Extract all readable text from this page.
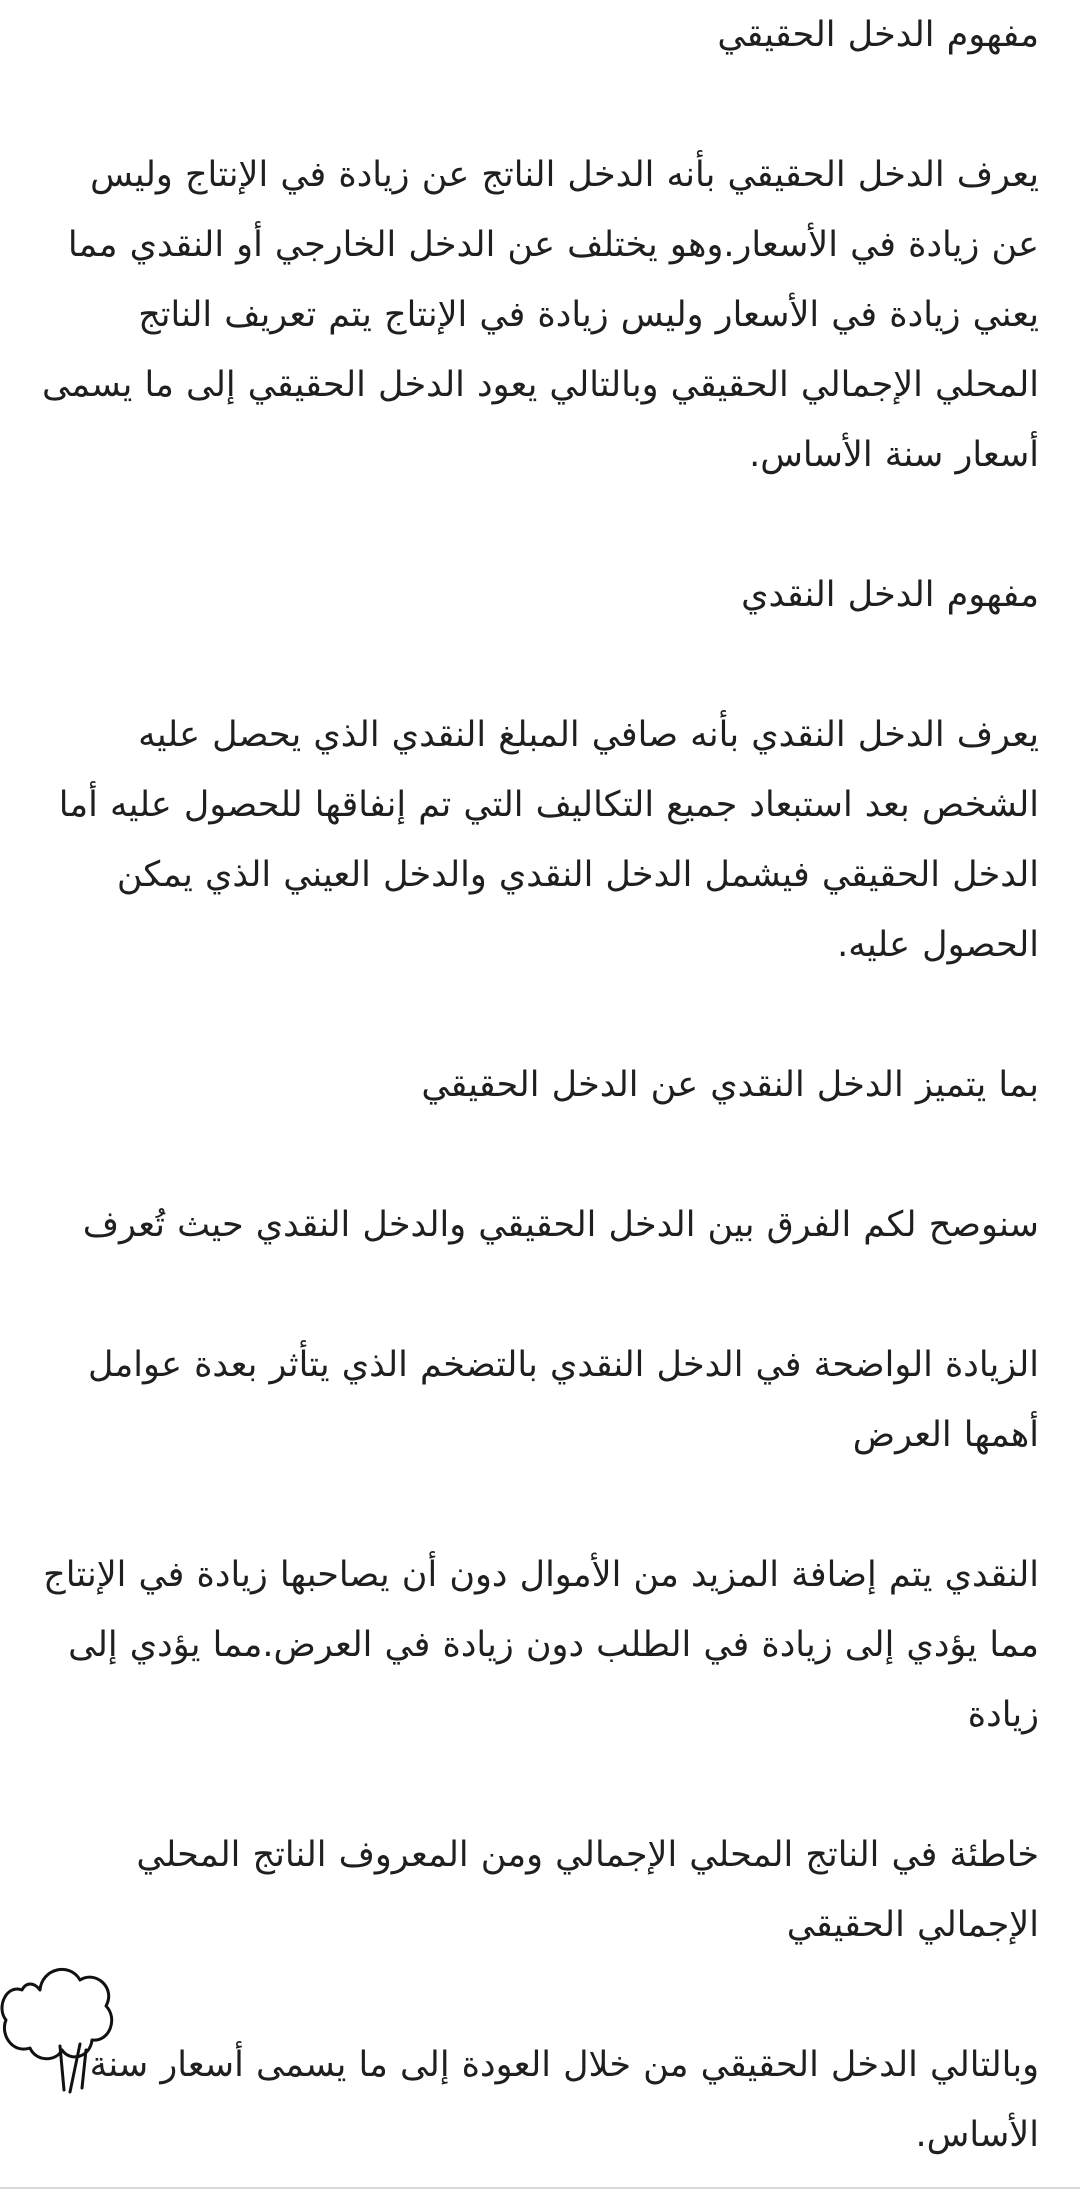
مفهوم الدخل الحقيقي

يعرف الدخل الحقيقي بأنه الدخل الناتج عن زيادة في الإنتاج وليس عن زيادة في الأسعار.وهو يختلف عن الدخل الخارجي أو النقدي مما يعني زيادة في الأسعار وليس زيادة في الإنتاج يتم تعريف الناتج المحلي الإجمالي الحقيقي وبالتالي يعود الدخل الحقيقي إلى ما يسمى أسعار سنة الأساس.

مفهوم الدخل النقدي

يعرف الدخل النقدي بأنه صافي المبلغ النقدي الذي يحصل عليه الشخص بعد استبعاد جميع التكاليف التي تم إنفاقها للحصول عليه أما الدخل الحقيقي فيشمل الدخل النقدي والدخل العيني الذي يمكن الحصول عليه.

بما يتميز الدخل النقدي عن الدخل الحقيقي

سنوصح لكم الفرق بين الدخل الحقيقي والدخل النقدي حيث تُعرف

الزيادة الواضحة في الدخل النقدي بالتضخم الذي يتأثر بعدة عوامل أهمها العرض

النقدي يتم إضافة المزيد من الأموال دون أن يصاحبها زيادة في الإنتاج مما يؤدي إلى زيادة في الطلب دون زيادة في العرض.مما يؤدي إلى زيادة

خاطئة في الناتج المحلي الإجمالي ومن المعروف الناتج المحلي الإجمالي الحقيقي

وبالتالي الدخل الحقيقي من خلال العودة إلى ما يسمى أسعار سنة الأساس.
